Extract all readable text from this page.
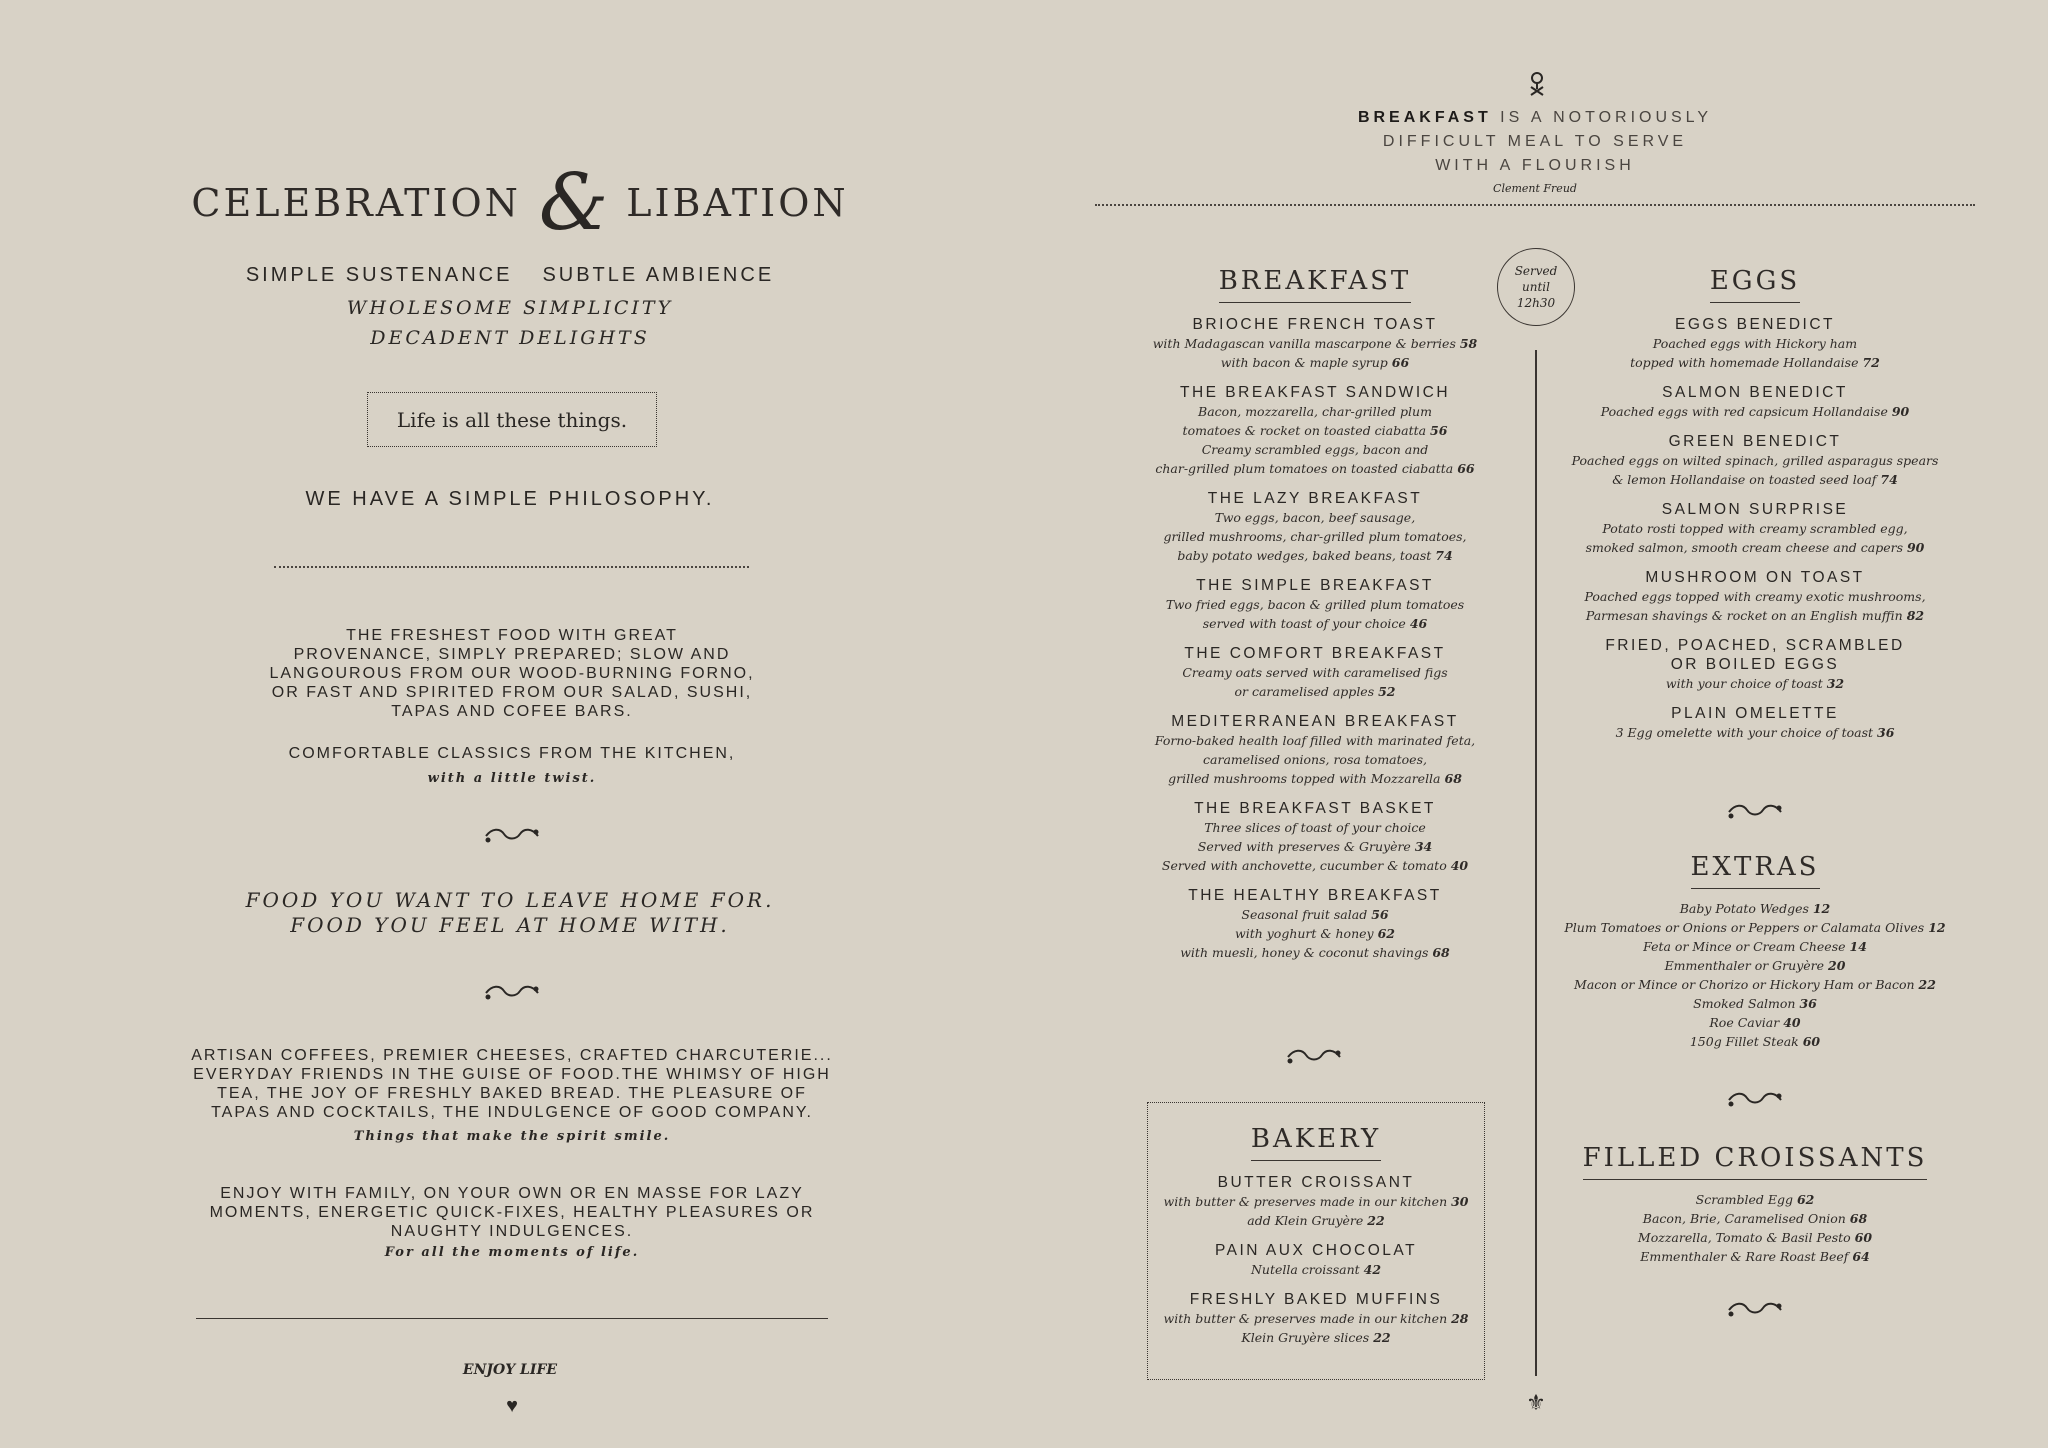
CELEBRATION & LIBATION
SIMPLE SUSTENANCE SUBTLE AMBIENCE
WHOLESOME SIMPLICITY
DECADENT DELIGHTS
Life is all these things.
WE HAVE A SIMPLE PHILOSOPHY.
THE FRESHEST FOOD WITH GREAT
PROVENANCE, SIMPLY PREPARED; SLOW AND
LANGOUROUS FROM OUR WOOD-BURNING FORNO,
OR FAST AND SPIRITED FROM OUR SALAD, SUSHI,
TAPAS AND COFEE BARS.
COMFORTABLE CLASSICS FROM THE KITCHEN,
with a little twist.
FOOD YOU WANT TO LEAVE HOME FOR.
FOOD YOU FEEL AT HOME WITH.
ARTISAN COFFEES, PREMIER CHEESES, CRAFTED CHARCUTERIE...
EVERYDAY FRIENDS IN THE GUISE OF FOOD.THE WHIMSY OF HIGH
TEA, THE JOY OF FRESHLY BAKED BREAD. THE PLEASURE OF
TAPAS AND COCKTAILS, THE INDULGENCE OF GOOD COMPANY.
Things that make the spirit smile.
ENJOY WITH FAMILY, ON YOUR OWN OR EN MASSE FOR LAZY
MOMENTS, ENERGETIC QUICK-FIXES, HEALTHY PLEASURES OR
NAUGHTY INDULGENCES.
For all the moments of life.
ENJOY LIFE
♥
BREAKFAST IS A NOTORIOUSLY
DIFFICULT MEAL TO SERVE
WITH A FLOURISH
Clement Freud
Served
until
12h30
⚜
BREAKFAST
BRIOCHE FRENCH TOAST
with Madagascan vanilla mascarpone & berries 58
with bacon & maple syrup 66
THE BREAKFAST SANDWICH
Bacon, mozzarella, char-grilled plum
tomatoes & rocket on toasted ciabatta 56
Creamy scrambled eggs, bacon and
char-grilled plum tomatoes on toasted ciabatta 66
THE LAZY BREAKFAST
Two eggs, bacon, beef sausage,
grilled mushrooms, char-grilled plum tomatoes,
baby potato wedges, baked beans, toast 74
THE SIMPLE BREAKFAST
Two fried eggs, bacon & grilled plum tomatoes
served with toast of your choice 46
THE COMFORT BREAKFAST
Creamy oats served with caramelised figs
or caramelised apples 52
MEDITERRANEAN BREAKFAST
Forno-baked health loaf filled with marinated feta,
caramelised onions, rosa tomatoes,
grilled mushrooms topped with Mozzarella 68
THE BREAKFAST BASKET
Three slices of toast of your choice
Served with preserves & Gruyère 34
Served with anchovette, cucumber & tomato 40
THE HEALTHY BREAKFAST
Seasonal fruit salad 56
with yoghurt & honey 62
with muesli, honey & coconut shavings 68
BAKERY
BUTTER CROISSANT
with butter & preserves made in our kitchen 30
add Klein Gruyère 22
PAIN AUX CHOCOLAT
Nutella croissant 42
FRESHLY BAKED MUFFINS
with butter & preserves made in our kitchen 28
Klein Gruyère slices 22
EGGS
EGGS BENEDICT
Poached eggs with Hickory ham
topped with homemade Hollandaise 72
SALMON BENEDICT
Poached eggs with red capsicum Hollandaise 90
GREEN BENEDICT
Poached eggs on wilted spinach, grilled asparagus spears
& lemon Hollandaise on toasted seed loaf 74
SALMON SURPRISE
Potato rosti topped with creamy scrambled egg,
smoked salmon, smooth cream cheese and capers 90
MUSHROOM ON TOAST
Poached eggs topped with creamy exotic mushrooms,
Parmesan shavings & rocket on an English muffin 82
FRIED, POACHED, SCRAMBLED
OR BOILED EGGS
with your choice of toast 32
PLAIN OMELETTE
3 Egg omelette with your choice of toast 36
EXTRAS
Baby Potato Wedges 12
Plum Tomatoes or Onions or Peppers or Calamata Olives 12
Feta or Mince or Cream Cheese 14
Emmenthaler or Gruyère 20
Macon or Mince or Chorizo or Hickory Ham or Bacon 22
Smoked Salmon 36
Roe Caviar 40
150g Fillet Steak 60
FILLED CROISSANTS
Scrambled Egg 62
Bacon, Brie, Caramelised Onion 68
Mozzarella, Tomato & Basil Pesto 60
Emmenthaler & Rare Roast Beef 64
